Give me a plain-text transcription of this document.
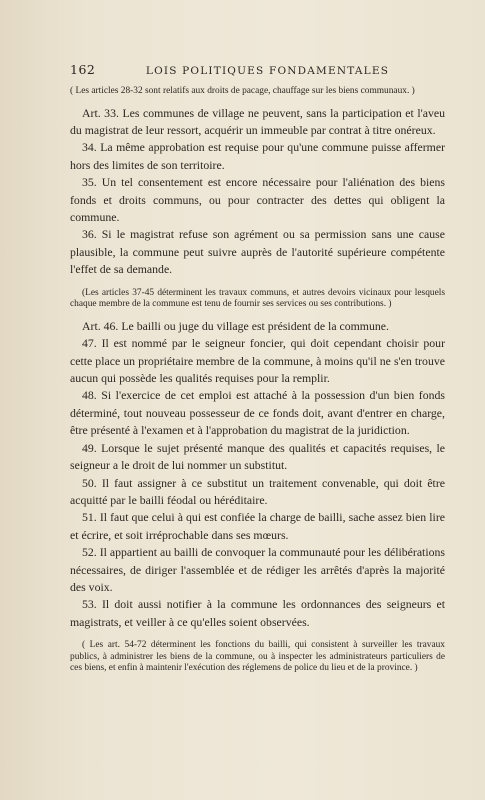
162	LOIS POLITIQUES FONDAMENTALES

( Les articles 28-32 sont relatifs aux droits de pacage, chauffage sur les biens communaux. )

Art. 33. Les communes de village ne peuvent, sans la participation et l'aveu du magistrat de leur ressort, acquérir un immeuble par contrat à titre onéreux.

34. La même approbation est requise pour qu'une commune puisse affermer hors des limites de son territoire.

35. Un tel consentement est encore nécessaire pour l'aliénation des biens fonds et droits communs, ou pour contracter des dettes qui obligent la commune.

36. Si le magistrat refuse son agrément ou sa permission sans une cause plausible, la commune peut suivre auprès de l'autorité supérieure compétente l'effet de sa demande.

(Les articles 37-45 déterminent les travaux communs, et autres devoirs vicinaux pour lesquels chaque membre de la commune est tenu de fournir ses services ou ses contributions. )

Art. 46. Le bailli ou juge du village est président de la commune.

47. Il est nommé par le seigneur foncier, qui doit cependant choisir pour cette place un propriétaire membre de la commune, à moins qu'il ne s'en trouve aucun qui possède les qualités requises pour la remplir.

48. Si l'exercice de cet emploi est attaché à la possession d'un bien fonds déterminé, tout nouveau possesseur de ce fonds doit, avant d'entrer en charge, être présenté à l'examen et à l'approbation du magistrat de la juridiction.

49. Lorsque le sujet présenté manque des qualités et capacités requises, le seigneur a le droit de lui nommer un substitut.

50. Il faut assigner à ce substitut un traitement convenable, qui doit être acquitté par le bailli féodal ou héréditaire.

51. Il faut que celui à qui est confiée la charge de bailli, sache assez bien lire et écrire, et soit irréprochable dans ses mœurs.

52. Il appartient au bailli de convoquer la communauté pour les délibérations nécessaires, de diriger l'assemblée et de rédiger les arrêtés d'après la majorité des voix.

53. Il doit aussi notifier à la commune les ordonnances des seigneurs et magistrats, et veiller à ce qu'elles soient observées.

( Les art. 54-72 déterminent les fonctions du bailli, qui consistent à surveiller les travaux publics, à administrer les biens de la commune, ou à inspecter les administrateurs particuliers de ces biens, et enfin à maintenir l'exécution des réglemens de police du lieu et de la province. )
